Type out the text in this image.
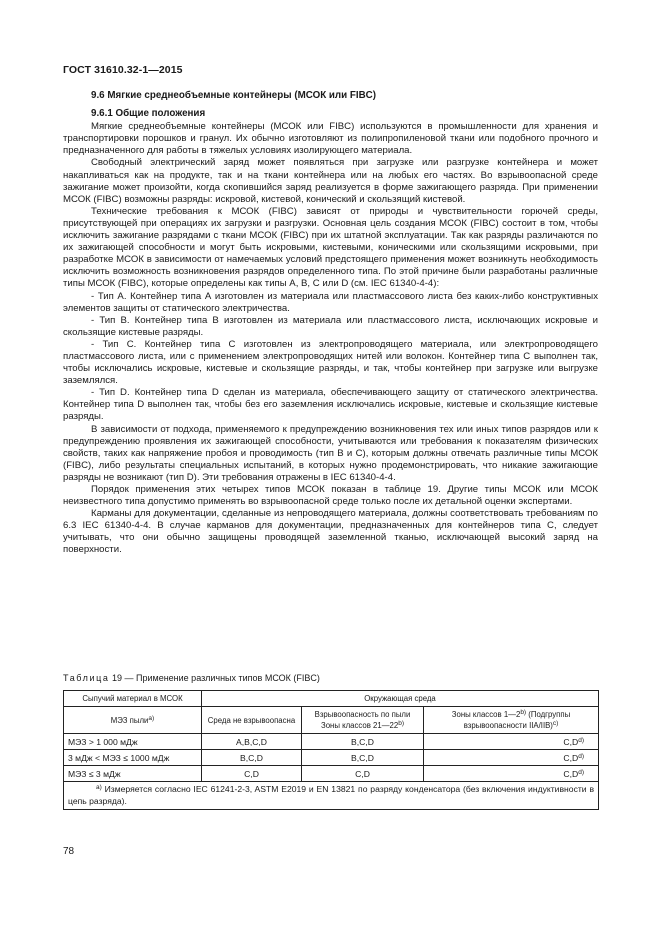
ГОСТ 31610.32-1—2015
9.6 Мягкие среднеобъемные контейнеры (МСОК или FIBC)
9.6.1 Общие положения

Мягкие среднеобъемные контейнеры (МСОК или FIBC) используются в промышленности для хранения и транспортировки порошков и гранул. Их обычно изготовляют из полипропиленовой ткани или подобного прочного и предназначенного для работы в тяжелых условиях изолирующего материала.

Свободный электрический заряд может появляться при загрузке или разгрузке контейнера и может накапливаться как на продукте, так и на ткани контейнера или на любых его частях. Во взрывоопасной среде зажигание может произойти, когда скопившийся заряд реализуется в форме зажигающего разряда. При применении МСОК (FIBC) возможны разряды: искровой, кистевой, конический и скользящий кистевой.

Технические требования к МСОК (FIBC) зависят от природы и чувствительности горючей среды, присутствующей при операциях их загрузки и разгрузки. Основная цель создания МСОК (FIBC) состоит в том, чтобы исключить зажигание разрядами с ткани МСОК (FIBC) при их штатной эксплуатации. Так как разряды различаются по их зажигающей способности и могут быть искровыми, кистевыми, коническими или скользящими искровыми, при разработке МСОК в зависимости от намечаемых условий предстоящего применения может возникнуть необходимость исключить возможность возникновения разрядов определенного типа. По этой причине были разработаны различные типы МСОК (FIBC), которые определены как типы А, В, С или D (см. IEC 61340-4-4):

- Тип А. Контейнер типа А изготовлен из материала или пластмассового листа без каких-либо конструктивных элементов защиты от статического электричества.

- Тип В. Контейнер типа В изготовлен из материала или пластмассового листа, исключающих искровые и скользящие кистевые разряды.

- Тип С. Контейнер типа С изготовлен из электропроводящего материала, или электропроводящего пластмассового листа, или с применением электропроводящих нитей или волокон. Контейнер типа С выполнен так, чтобы исключались искровые, кистевые и скользящие разряды, и так, чтобы контейнер при загрузке или выгрузке заземлялся.

- Тип D. Контейнер типа D сделан из материала, обеспечивающего защиту от статического электричества. Контейнер типа D выполнен так, чтобы без его заземления исключались искровые, кистевые и скользящие кистевые разряды.

В зависимости от подхода, применяемого к предупреждению возникновения тех или иных типов разрядов или к предупреждению проявления их зажигающей способности, учитываются или требования к показателям физических свойств, таких как напряжение пробоя и проводимость (тип В и С), которым должны отвечать различные типы МСОК (FIBC), либо результаты специальных испытаний, в которых нужно продемонстрировать, что никакие зажигающие разряды не возникают (тип D). Эти требования отражены в IEC 61340-4-4.

Порядок применения этих четырех типов МСОК показан в таблице 19. Другие типы МСОК или МСОК неизвестного типа допустимо применять во взрывоопасной среде только после их детальной оценки экспертами.

Карманы для документации, сделанные из непроводящего материала, должны соответствовать требованиям по 6.3 IEC 61340-4-4. В случае карманов для документации, предназначенных для контейнеров типа С, следует учитывать, что они обычно защищены проводящей заземленной тканью, исключающей высокий заряд на поверхности.

Таблица 19 — Применение различных типов МСОК (FIBC)
Сыпучий материал в МСОК	Окружающая среда		
МЭЗ пыли$^{a)}$	Среда не взрывоопасна	Взрывоопасность по пыли Зоны классов 21—22$^{b)}$	Зоны классов 1—2$^{b)}$ (Подгруппы взрывоопасности IIA/IIB)$^{c)}$
МЭЗ > 1 000 мДж	A,B,C,D	B,C,D	$C,D^{d)}$
3 мДж < МЭЗ ≤ 1000 мДж	B,C,D	B,C,D	$C,D^{d)}$
МЭЗ ≤ 3 мДж	C,D	C,D	$C,D^{d)}$
$^{a)}$ Измеряется согласно IEC 61241-2-3, ASTM E2019 и EN 13821 по разряду конденсатора (без включения индуктивности в цепь разряда).			
78
